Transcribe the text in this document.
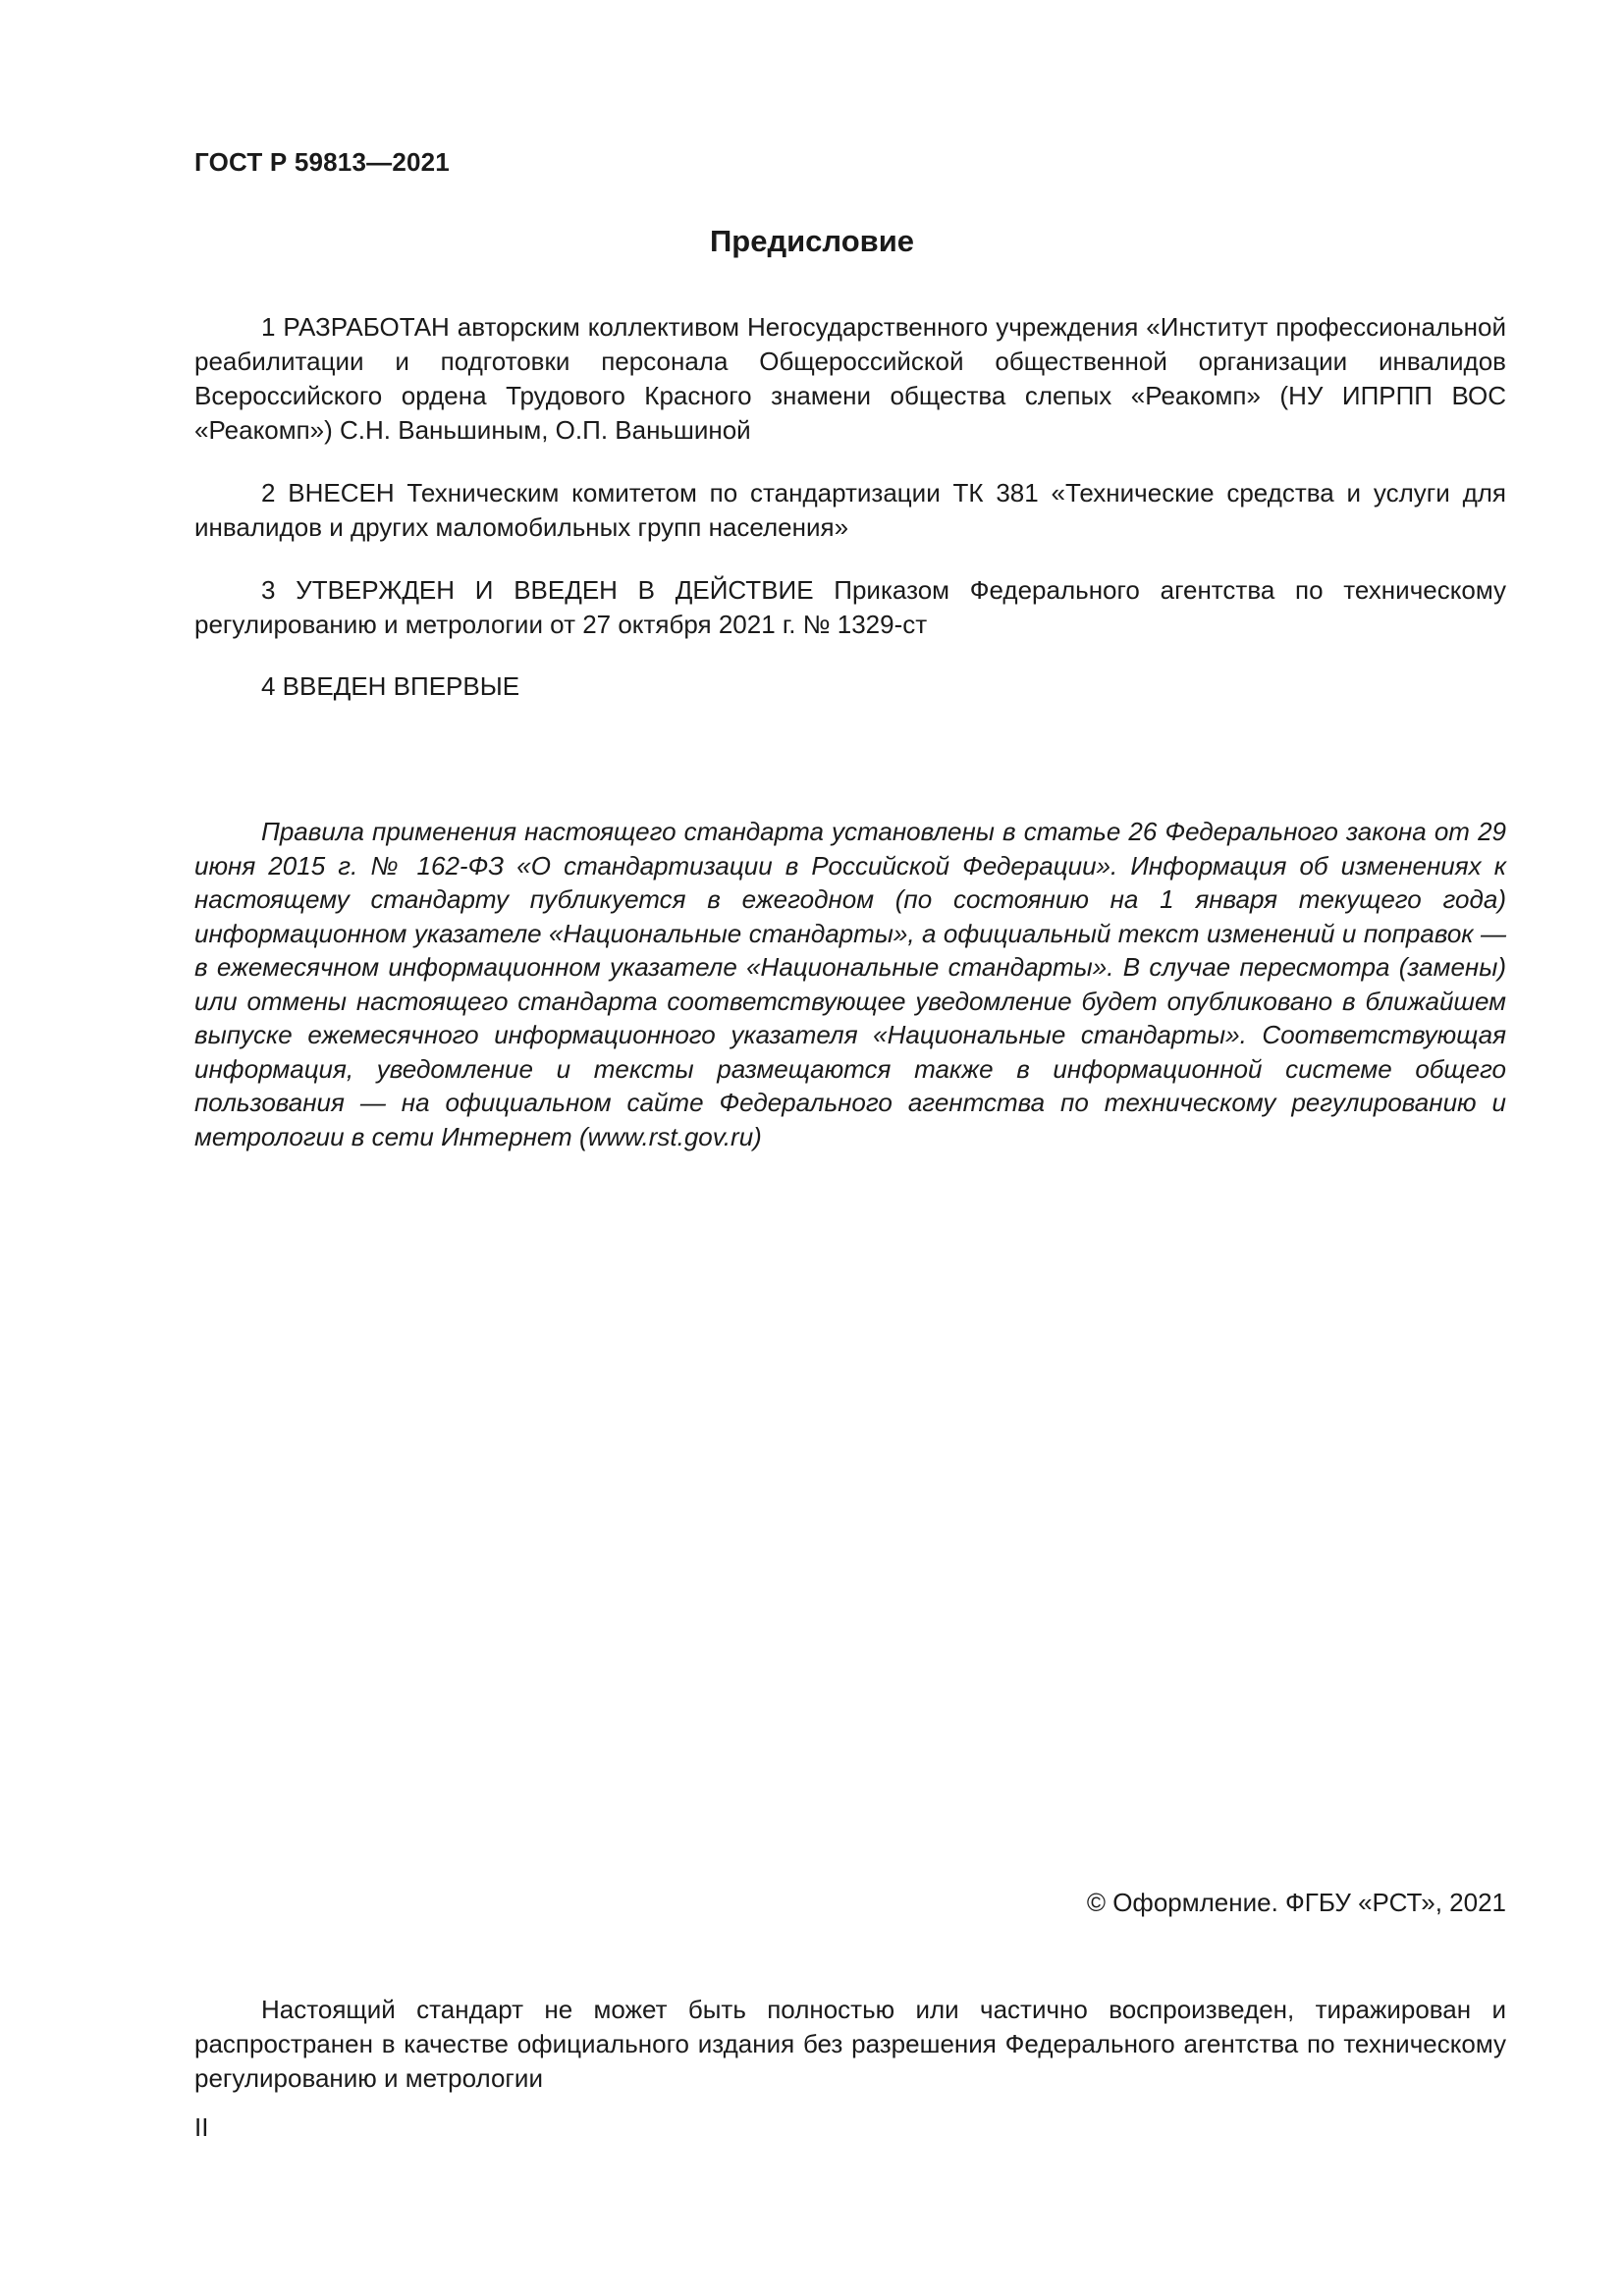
ГОСТ Р 59813—2021
Предисловие

1 РАЗРАБОТАН авторским коллективом Негосударственного учреждения «Институт профессиональной реабилитации и подготовки персонала Общероссийской общественной организации инвалидов Всероссийского ордена Трудового Красного знамени общества слепых «Реакомп» (НУ ИПРПП ВОС «Реакомп») С.Н. Ваньшиным, О.П. Ваньшиной

2 ВНЕСЕН Техническим комитетом по стандартизации ТК 381 «Технические средства и услуги для инвалидов и других маломобильных групп населения»

3 УТВЕРЖДЕН И ВВЕДЕН В ДЕЙСТВИЕ Приказом Федерального агентства по техническому регулированию и метрологии от 27 октября 2021 г. № 1329-ст

4 ВВЕДЕН ВПЕРВЫЕ

Правила применения настоящего стандарта установлены в статье 26 Федерального закона от 29 июня 2015 г. № 162-ФЗ «О стандартизации в Российской Федерации». Информация об изменениях к настоящему стандарту публикуется в ежегодном (по состоянию на 1 января текущего года) информационном указателе «Национальные стандарты», а официальный текст изменений и поправок — в ежемесячном информационном указателе «Национальные стандарты». В случае пересмотра (замены) или отмены настоящего стандарта соответствующее уведомление будет опубликовано в ближайшем выпуске ежемесячного информационного указателя «Национальные стандарты». Соответствующая информация, уведомление и тексты размещаются также в информационной системе общего пользования — на официальном сайте Федерального агентства по техническому регулированию и метрологии в сети Интернет (www.rst.gov.ru)

© Оформление. ФГБУ «РСТ», 2021

Настоящий стандарт не может быть полностью или частично воспроизведен, тиражирован и распространен в качестве официального издания без разрешения Федерального агентства по техническому регулированию и метрологии

II
